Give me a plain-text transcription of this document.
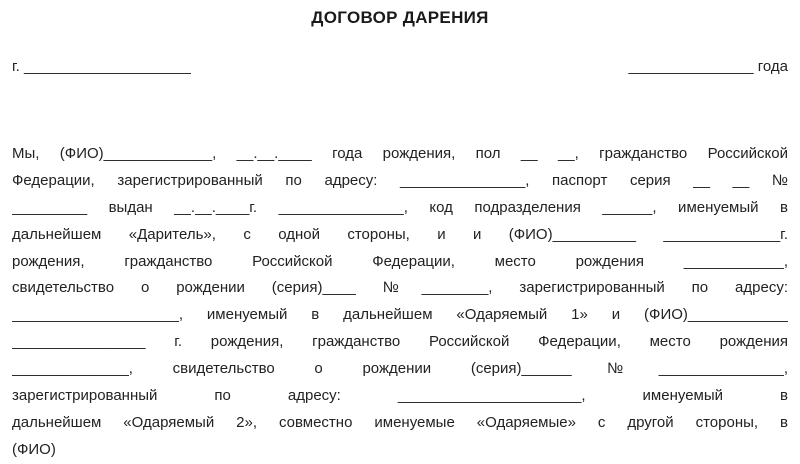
ДОГОВОР ДАРЕНИЯ
г. ____________________	_______________ года
Мы, (ФИО)_____________, __.__.____ года рождения, пол __ __, гражданство Российской
Федерации, зарегистрированный по адресу: _______________, паспорт серия __ __ №
_________ выдан __.__.____г. _______________, код подразделения ______, именуемый в
дальнейшем «Даритель», с одной стороны, и и (ФИО)__________ ______________г.
рождения, гражданство Российской Федерации, место рождения ____________,
свидетельство о рождении (серия)____ №________, зарегистрированный по адресу:
____________________, именуемый в дальнейшем «Одаряемый 1» и (ФИО)____________
________________ г. рождения, гражданство Российской Федерации, место рождения
______________, свидетельство о рождении (серия)______№_______________,
зарегистрированный по адресу: ______________________, именуемый в
дальнейшем «Одаряемый 2», совместно именуемые «Одаряемые» с другой стороны, в
(ФИО)
